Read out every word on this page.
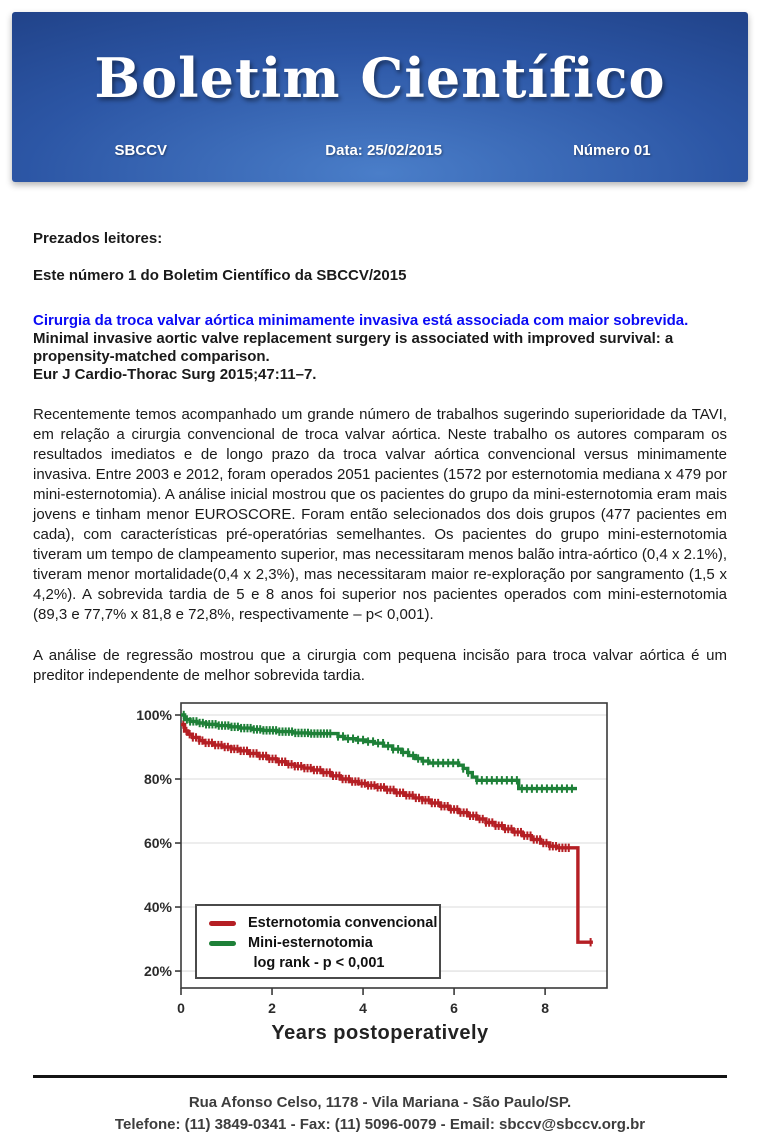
Boletim Científico
SBCCV	Data: 25/02/2015	Número 01

Prezados leitores:

Este número 1 do Boletim Científico da SBCCV/2015

Cirurgia da troca valvar aórtica minimamente invasiva está associada com maior sobrevida.
Minimal invasive aortic valve replacement surgery is associated with improved survival: a propensity-matched comparison.
Eur J Cardio-Thorac Surg 2015;47:11–7.

Recentemente temos acompanhado um grande número de trabalhos sugerindo superioridade da TAVI, em relação a cirurgia convencional de troca valvar aórtica. Neste trabalho os autores comparam os resultados imediatos e de longo prazo da troca valvar aórtica convencional versus minimamente invasiva. Entre 2003 e 2012, foram operados 2051 pacientes (1572 por esternotomia mediana x 479 por mini-esternotomia). A análise inicial mostrou que os pacientes do grupo da mini-esternotomia eram mais jovens e tinham menor EUROSCORE. Foram então selecionados dos dois grupos (477 pacientes em cada), com características pré-operatórias semelhantes. Os pacientes do grupo mini-esternotomia tiveram um tempo de clampeamento superior, mas necessitaram menos balão intra-aórtico (0,4 x 2.1%), tiveram menor mortalidade(0,4 x 2,3%), mas necessitaram maior re-exploração por sangramento (1,5 x 4,2%). A sobrevida tardia de 5 e 8 anos foi superior nos pacientes operados com mini-esternotomia (89,3 e 77,7% x 81,8 e 72,8%, respectivamente – p< 0,001).

A análise de regressão mostrou que a cirurgia com pequena incisão para troca valvar aórtica é um preditor independente de melhor sobrevida tardia.

100%
80%
60%
40%
20%
0	2	4	6	8
Esternotomia convencional
Mini-esternotomia
log rank - p < 0,001
Years postoperatively
Rua Afonso Celso, 1178 - Vila Mariana - São Paulo/SP.
Telefone: (11) 3849-0341 - Fax: (11) 5096-0079 - Email: sbccv@sbccv.org.br
